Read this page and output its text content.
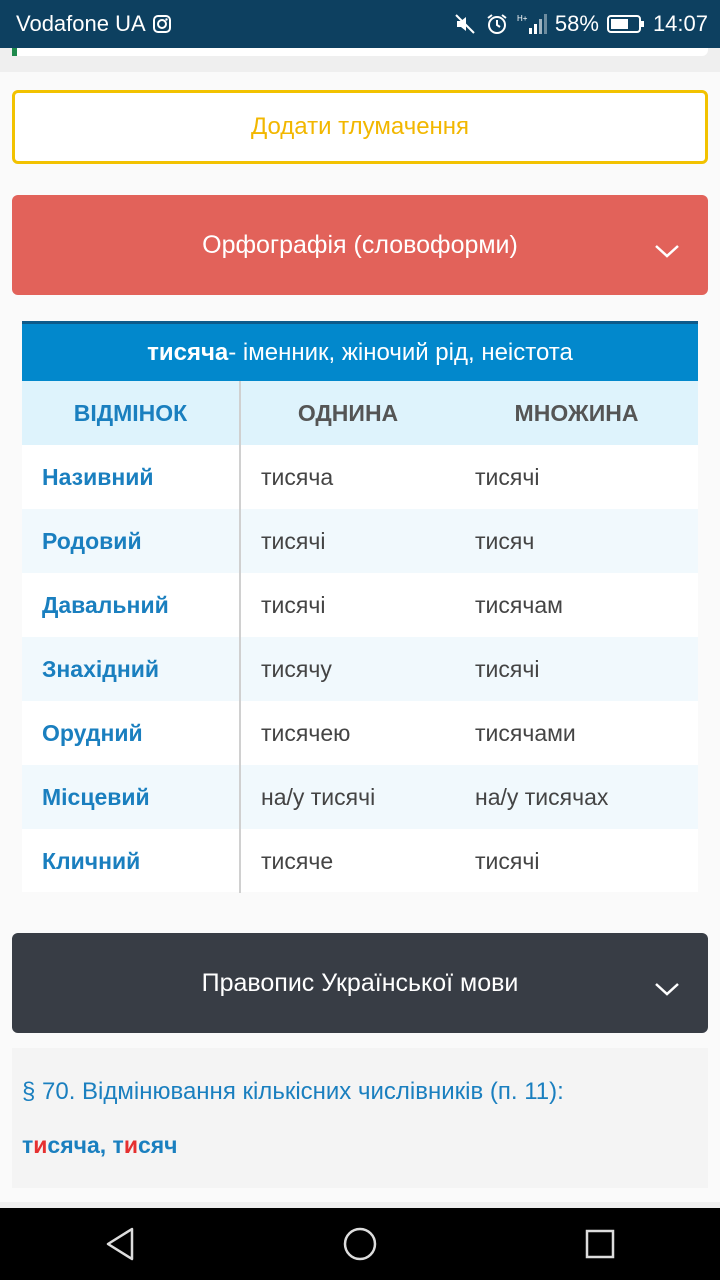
Vodafone UA	H+ 58% 14:07
Додати тлумачення
Орфографія (словоформи)
тисяча - іменник, жіночий рід, неістота
ВІДМІНОК	ОДНИНА	МНОЖИНА
Називний	тисяча	тисячі
Родовий	тисячі	тисяч
Давальний	тисячі	тисячам
Знахідний	тисячу	тисячі
Орудний	тисячею	тисячами
Місцевий	на/у тисячі	на/у тисячах
Кличний	тисяче	тисячі
Правопис Української мови
§ 70. Відмінювання кількісних числівників (п. 11):
тисяча, тисяч
